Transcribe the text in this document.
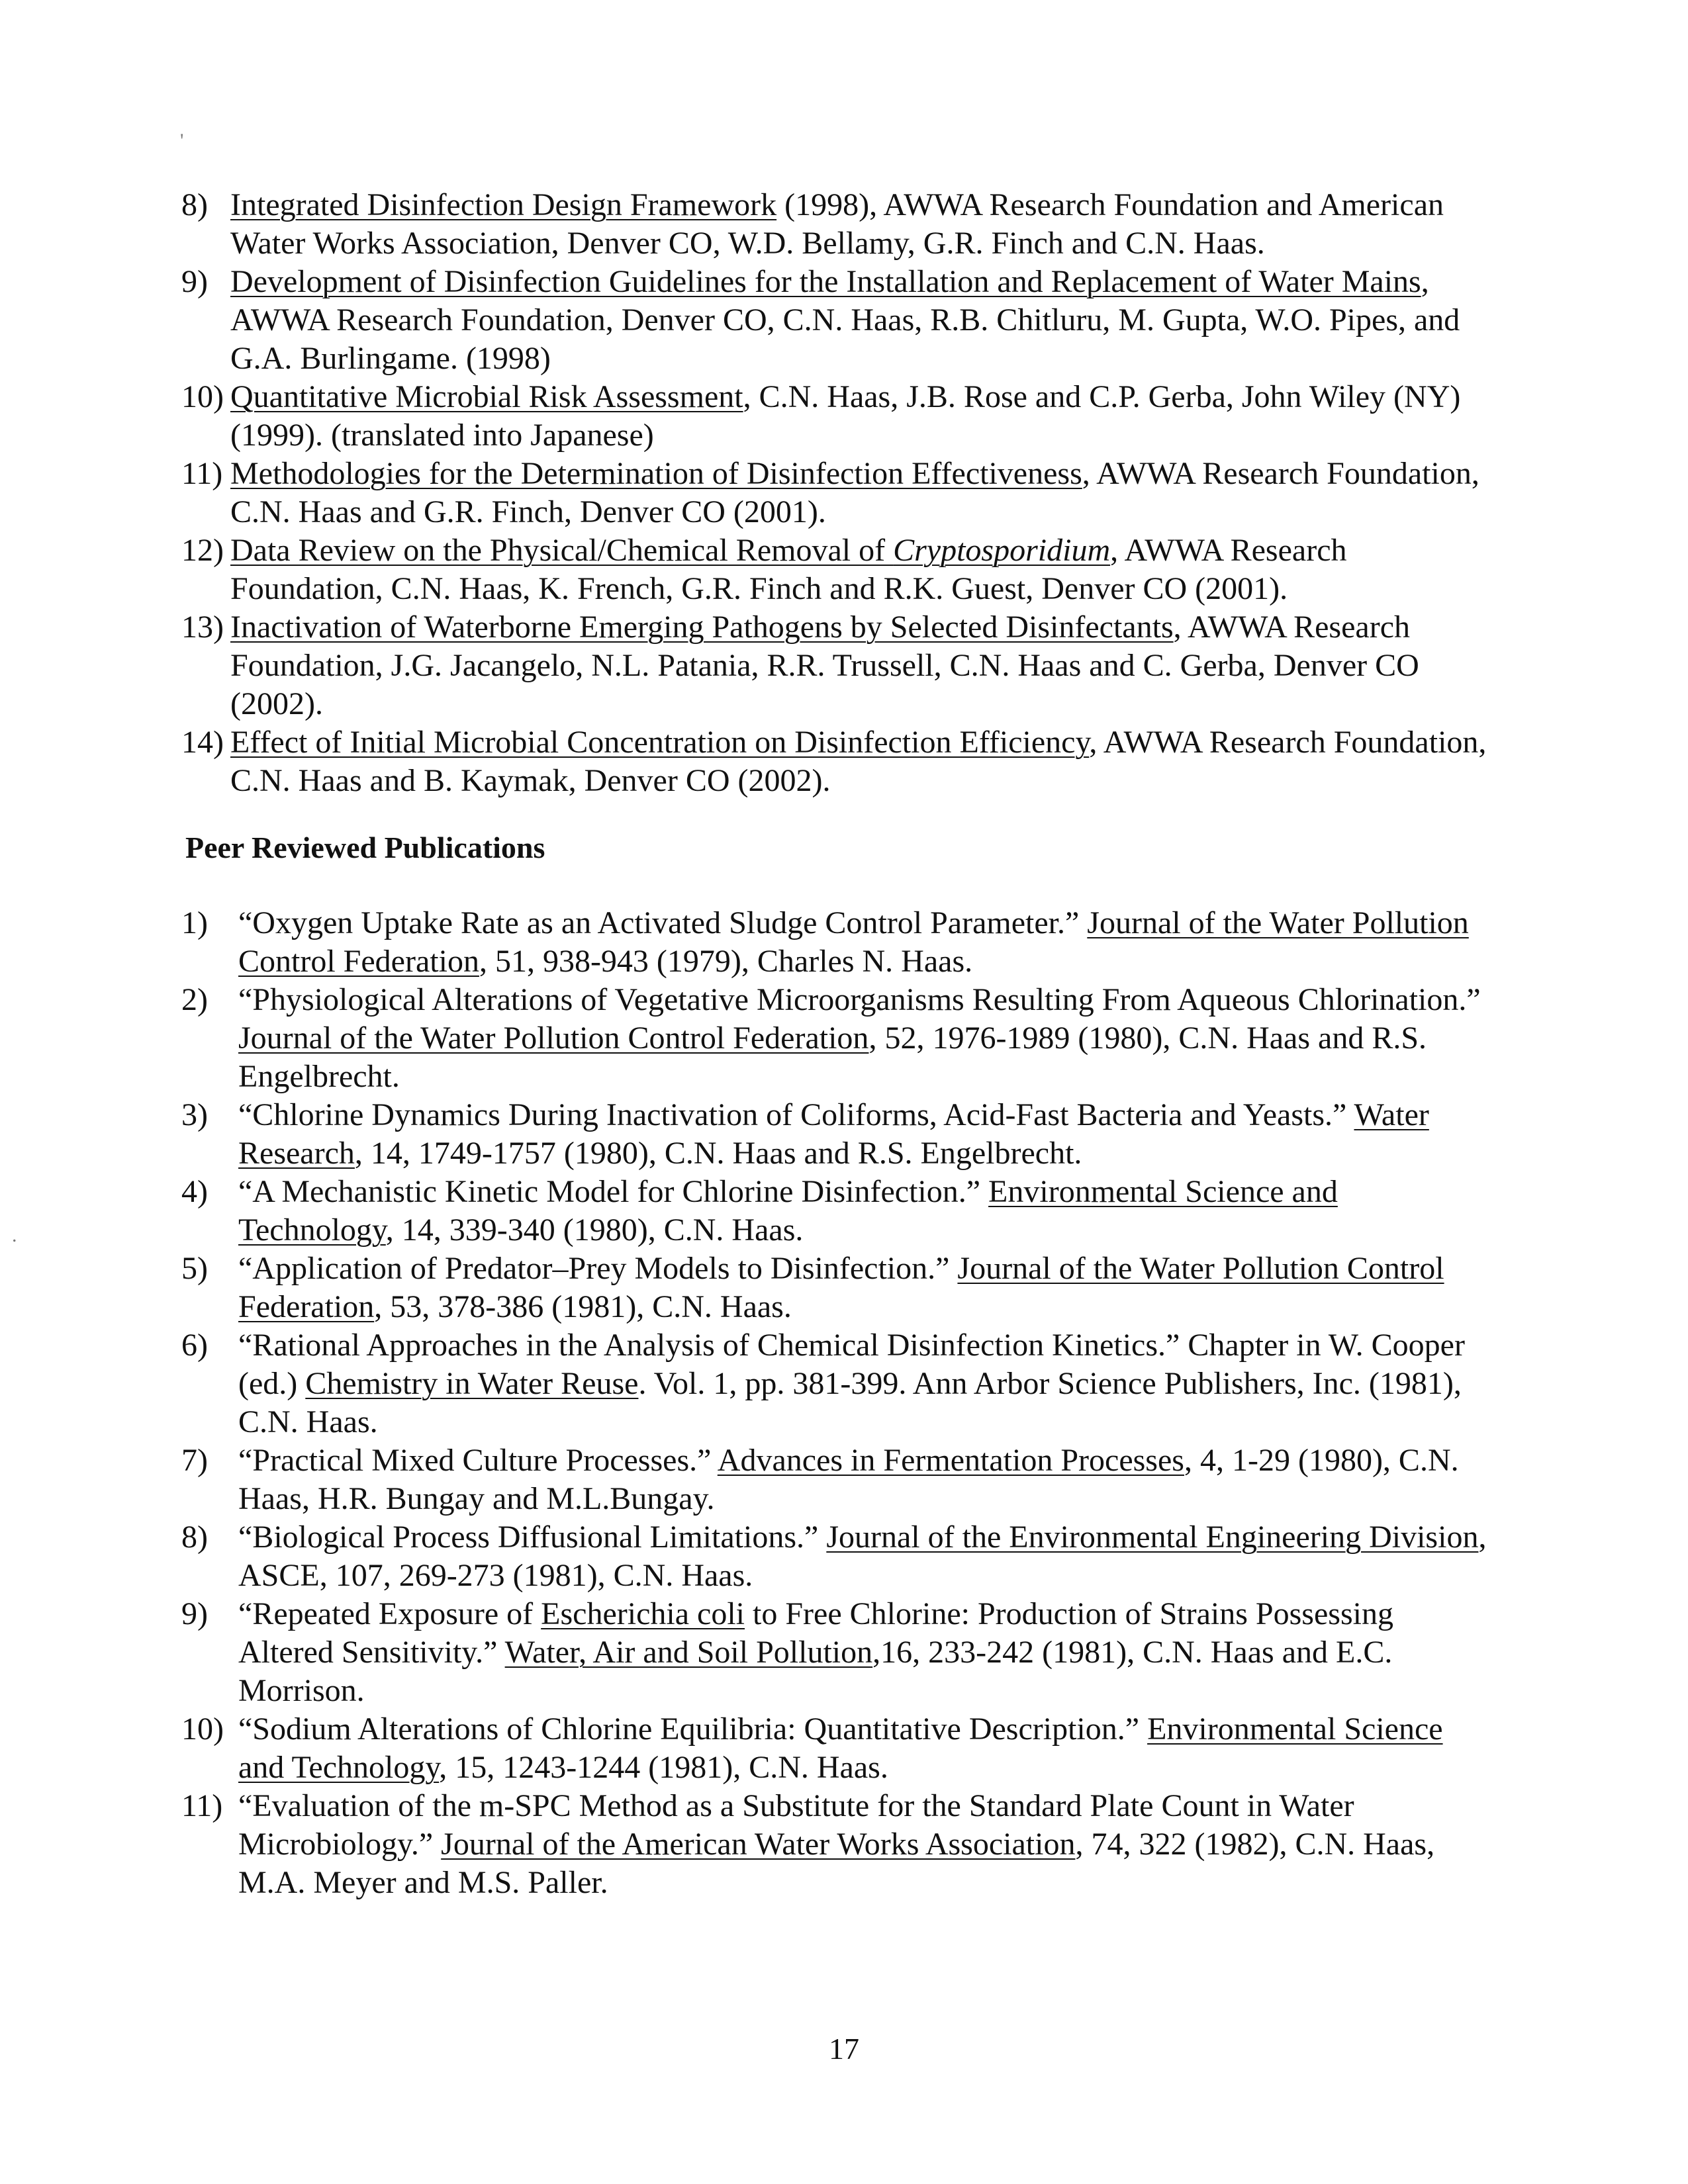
'
.

8) Integrated Disinfection Design Framework (1998), AWWA Research Foundation and American Water Works Association, Denver CO, W.D. Bellamy, G.R. Finch and C.N. Haas.

9) Development of Disinfection Guidelines for the Installation and Replacement of Water Mains, AWWA Research Foundation, Denver CO, C.N. Haas, R.B. Chitluru, M. Gupta, W.O. Pipes, and G.A. Burlingame. (1998)

10) Quantitative Microbial Risk Assessment, C.N. Haas, J.B. Rose and C.P. Gerba, John Wiley (NY) (1999). (translated into Japanese)

11) Methodologies for the Determination of Disinfection Effectiveness, AWWA Research Foundation, C.N. Haas and G.R. Finch, Denver CO (2001).

12) Data Review on the Physical/Chemical Removal of Cryptosporidium, AWWA Research Foundation, C.N. Haas, K. French, G.R. Finch and R.K. Guest, Denver CO (2001).

13) Inactivation of Waterborne Emerging Pathogens by Selected Disinfectants, AWWA Research Foundation, J.G. Jacangelo, N.L. Patania, R.R. Trussell, C.N. Haas and C. Gerba, Denver CO (2002).

14) Effect of Initial Microbial Concentration on Disinfection Efficiency, AWWA Research Foundation, C.N. Haas and B. Kaymak, Denver CO (2002).

Peer Reviewed Publications

1) “Oxygen Uptake Rate as an Activated Sludge Control Parameter.” Journal of the Water Pollution Control Federation, 51, 938-943 (1979), Charles N. Haas.

2) “Physiological Alterations of Vegetative Microorganisms Resulting From Aqueous Chlorination.” Journal of the Water Pollution Control Federation, 52, 1976-1989 (1980), C.N. Haas and R.S. Engelbrecht.

3) “Chlorine Dynamics During Inactivation of Coliforms, Acid-Fast Bacteria and Yeasts.” Water Research, 14, 1749-1757 (1980), C.N. Haas and R.S. Engelbrecht.

4) “A Mechanistic Kinetic Model for Chlorine Disinfection.” Environmental Science and Technology, 14, 339-340 (1980), C.N. Haas.

5) “Application of Predator–Prey Models to Disinfection.” Journal of the Water Pollution Control Federation, 53, 378-386 (1981), C.N. Haas.

6) “Rational Approaches in the Analysis of Chemical Disinfection Kinetics.” Chapter in W. Cooper (ed.) Chemistry in Water Reuse. Vol. 1, pp. 381-399. Ann Arbor Science Publishers, Inc. (1981), C.N. Haas.

7) “Practical Mixed Culture Processes.” Advances in Fermentation Processes, 4, 1-29 (1980), C.N. Haas, H.R. Bungay and M.L.Bungay.

8) “Biological Process Diffusional Limitations.” Journal of the Environmental Engineering Division, ASCE, 107, 269-273 (1981), C.N. Haas.

9) “Repeated Exposure of Escherichia coli to Free Chlorine: Production of Strains Possessing Altered Sensitivity.” Water, Air and Soil Pollution,16, 233-242 (1981), C.N. Haas and E.C. Morrison.

10) “Sodium Alterations of Chlorine Equilibria: Quantitative Description.” Environmental Science and Technology, 15, 1243-1244 (1981), C.N. Haas.

11) “Evaluation of the m-SPC Method as a Substitute for the Standard Plate Count in Water Microbiology.” Journal of the American Water Works Association, 74, 322 (1982), C.N. Haas, M.A. Meyer and M.S. Paller.

17
